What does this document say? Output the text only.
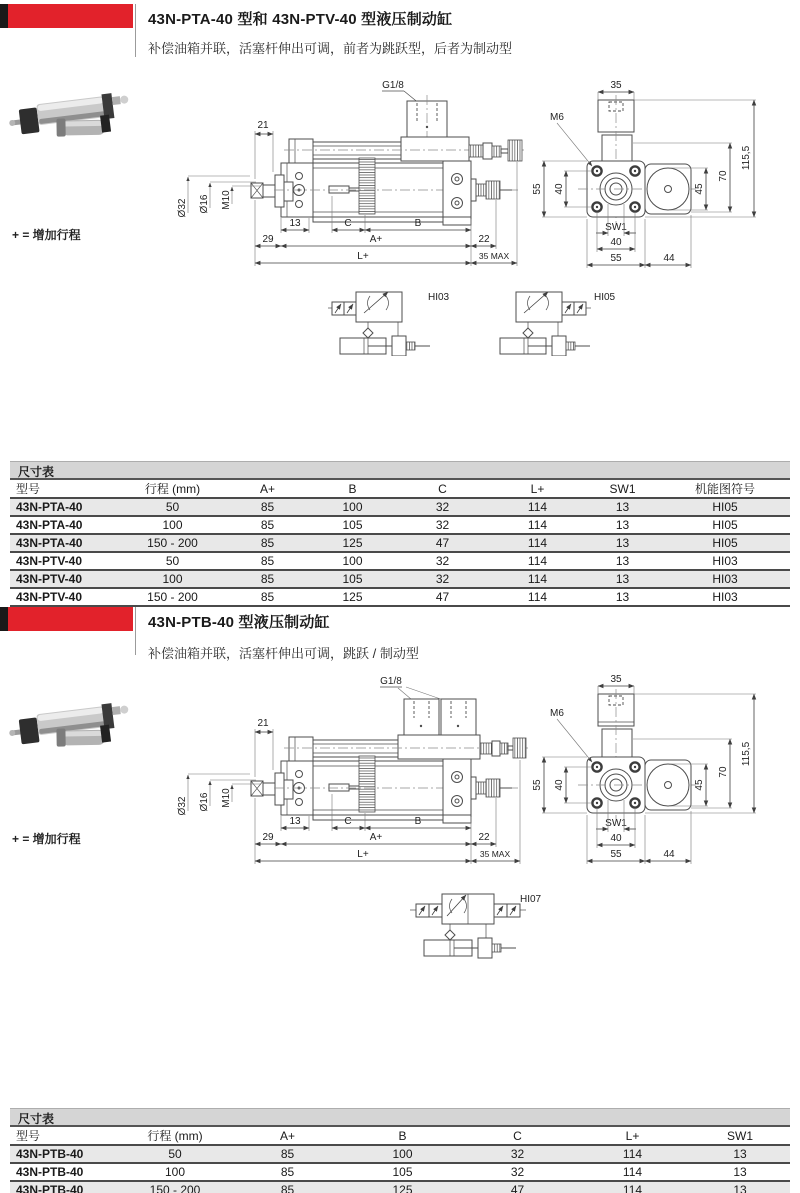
43N-PTA-40 型和 43N-PTV-40 型液压制动缸
补偿油箱并联，活塞杆伸出可调，前者为跳跃型，后者为制动型
+ = 增加行程
G1/8
Ø32 Ø16 M10
21
13	C	B
29	A+	22
L+	35 MAX
35
M6
55 40	45
70
115,5
SW1
40
55	44
HI03	HI05
尺寸表
型号	行程 (mm)	A+	B	C	L+	SW1	机能图符号
43N-PTA-40	50	85	100	32	114	13	HI05
43N-PTA-40	100	85	105	32	114	13	HI05
43N-PTA-40	150 - 200	85	125	47	114	13	HI05
43N-PTV-40	50	85	100	32	114	13	HI03
43N-PTV-40	100	85	105	32	114	13	HI03
43N-PTV-40	150 - 200	85	125	47	114	13	HI03
43N-PTB-40 型液压制动缸
补偿油箱并联，活塞杆伸出可调，跳跃 / 制动型
+ = 增加行程
G1/8
Ø32 Ø16 M10
21
13	C	B
29	A+	22
L+	35 MAX
35
M6
55 40	45
70
115,5
SW1
40
55	44
HI07
尺寸表
型号	行程 (mm)	A+	B	C	L+	SW1
43N-PTB-40	50	85	100	32	114	13
43N-PTB-40	100	85	105	32	114	13
43N-PTB-40	150 - 200	85	125	47	114	13
